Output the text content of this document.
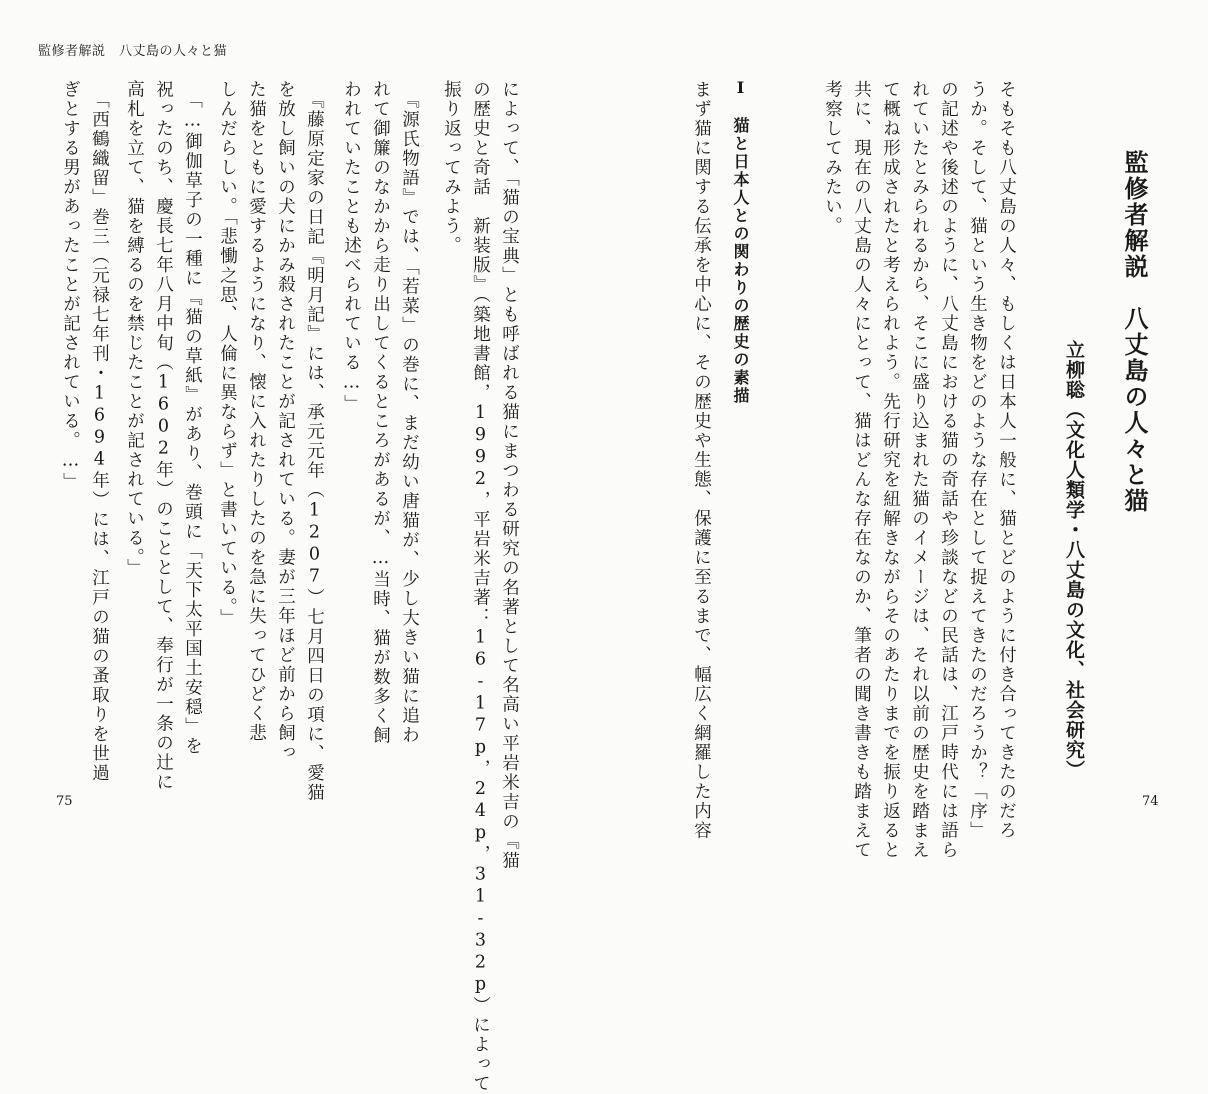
監修者解説　八丈島の人々と猫
監修者解説　八丈島の人々と猫
立柳聡（文化人類学・八丈島の文化、社会研究）
そもそも八丈島の人々、もしくは日本人一般に、猫とどのように付き合ってきたのだろ
うか。そして、猫という生き物をどのような存在として捉えてきたのだろうか？「序」
の記述や後述のように、八丈島における猫の奇話や珍談などの民話は、江戸時代には語ら
れていたとみられるから、そこに盛り込まれた猫のイメージは、それ以前の歴史を踏まえ
て概ね形成されたと考えられよう。先行研究を紐解きながらそのあたりまでを振り返ると
共に、現在の八丈島の人々にとって、猫はどんな存在なのか、筆者の聞き書きも踏まえて
考察してみたい。
74
Ⅰ　猫と日本人との関わりの歴史の素描
まず猫に関する伝承を中心に、その歴史や生態、保護に至るまで、幅広く網羅した内容
によって、「猫の宝典」とも呼ばれる猫にまつわる研究の名著として名高い平岩米吉の『猫
の歴史と奇話　新装版』（築地書館，1992，平岩米吉著：16-17p，24p，31-32p）によって
振り返ってみよう。
　『源氏物語』では、「若菜」の巻に、まだ幼い唐猫が、少し大きい猫に追わ
れて御簾のなかから走り出してくるところがあるが、…当時、猫が数多く飼
われていたことも述べられている…」
　『藤原定家の日記『明月記』には、承元元年（1207）七月四日の項に、愛猫
を放し飼いの犬にかみ殺されたことが記されている。妻が三年ほど前から飼っ
た猫をともに愛するようになり、懐に入れたりしたのを急に失ってひどく悲
しんだらしい。「悲慟之思、人倫に異ならず」と書いている。」
　「…御伽草子の一種に『猫の草紙』があり、巻頭に「天下太平国土安穏」を
祝ったのち、慶長七年八月中旬（1602年）のこととして、奉行が一条の辻に
高札を立て、猫を縛るのを禁じたことが記されている。」
　「西鶴織留」巻三（元禄七年刊・1694年）には、江戸の猫の蚤取りを世過
ぎとする男があったことが記されている。…」
75
